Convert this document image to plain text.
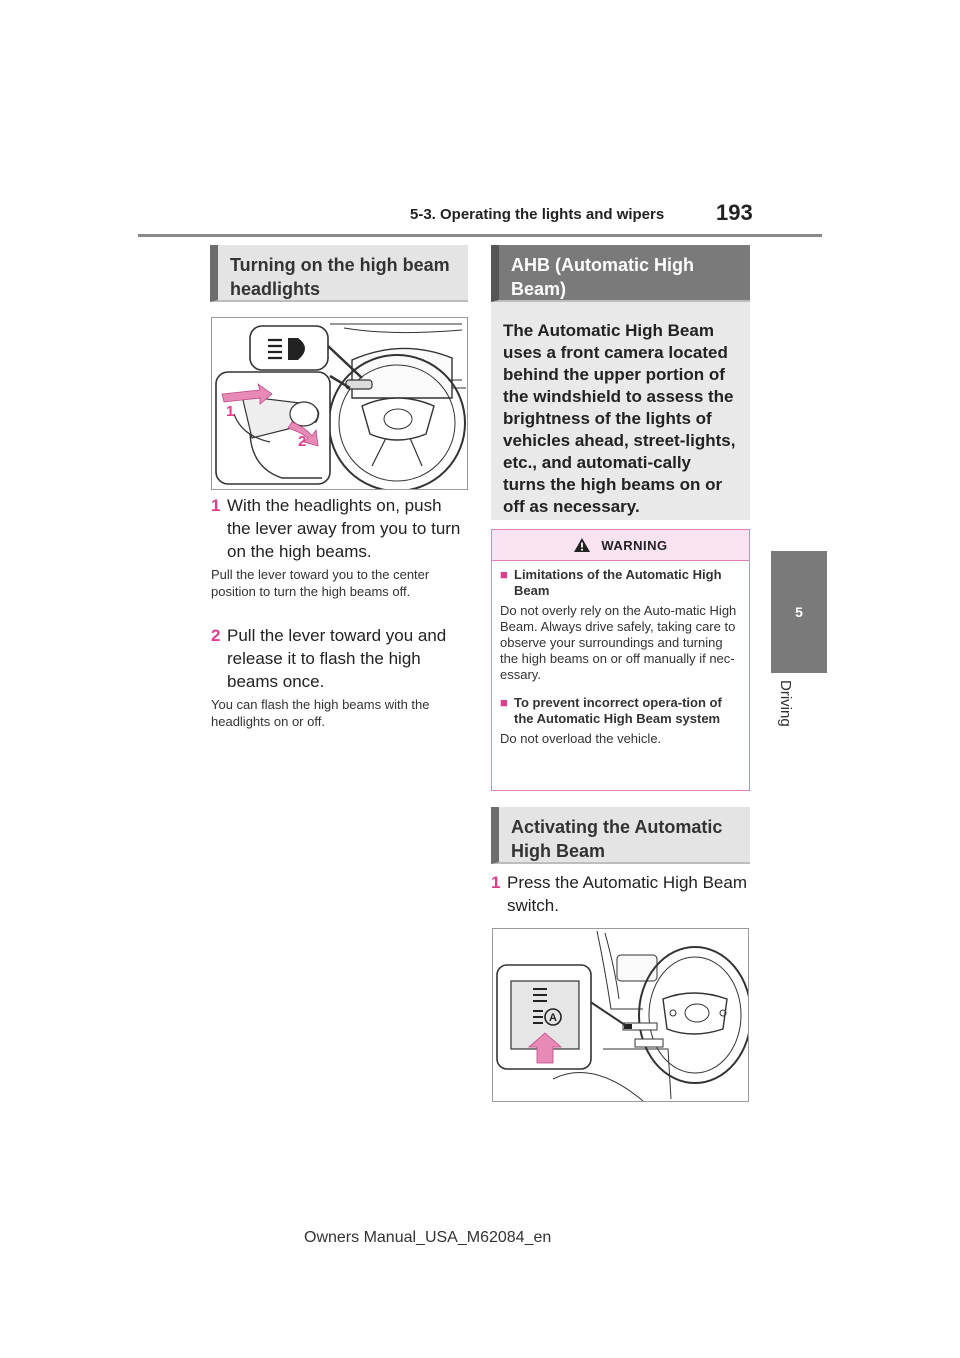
5-3. Operating the lights and wipers 193
5
Driving
Turning on the high beam headlights
1
2
1 With the headlights on, push the lever away from you to turn on the high beams.
Pull the lever toward you to the center position to turn the high beams off.
2 Pull the lever toward you and release it to flash the high beams once.
You can flash the high beams with the headlights on or off.
AHB (Automatic High Beam)
The Automatic High Beam uses a front camera located behind the upper portion of the windshield to assess the brightness of the lights of vehicles ahead, street-lights, etc., and automati-cally turns the high beams on or off as necessary.
WARNING
■ Limitations of the Automatic High Beam
Do not overly rely on the Auto-matic High Beam. Always drive safely, taking care to observe your surroundings and turning the high beams on or off manually if nec-essary.
■ To prevent incorrect opera-tion of the Automatic High Beam system
Do not overload the vehicle.
Activating the Automatic High Beam
1 Press the Automatic High Beam switch.
A
Owners Manual_USA_M62084_en
